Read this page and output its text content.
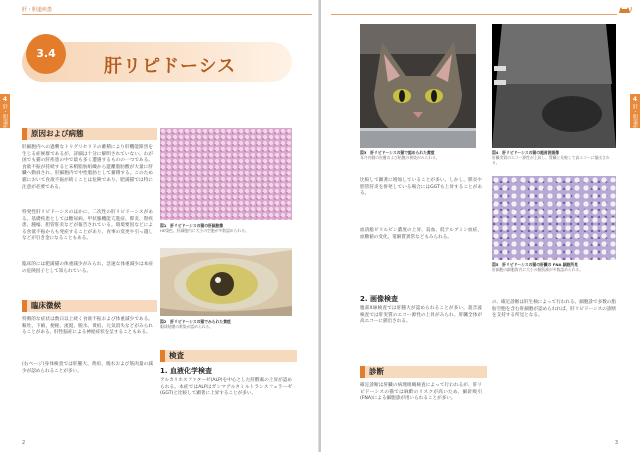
肝・胆道疾患
4
肝・胆道疾患
3.4
肝リピドーシス
原因および病態
肝細胞内への過剰なトリグリセリドの蓄積により肝機能障害を生じる症候群であるが、詳細は十分に解明されていない。わが国でも猫の肝疾患の中で最も多く遭遇するものの一つである。食欲不振が持続すると末梢脂肪組織から遊離脂肪酸が大量に肝臓へ動員され、肝細胞内で中性脂肪として蓄積する。このため猫において食欲不振が続くことは危険であり、肥満猫では特に注意が必要である。
特発性肝リピドーシスのほかに、二次性の肝リピドーシスがある。基礎疾患としては糖尿病、甲状腺機能亢進症、膵炎、腎疾患、腫瘍、胆管肝炎などが報告されている。環境要因などによる食欲不振からも発症することがあり、食事の変更や引っ越しなどが引き金になることもある。
臨床的には肥満猫の体重減少がみられ、急速な体重減少は本症の危険因子として知られている。
臨床徴候
特徴的な症状は数日以上続く食欲不振および体重減少である。嘔吐、下痢、便秘、流涎、脱水、黄疸、元気消失などがみられることがある。肝性脳症による神経症状を呈することもある。
(右ページ)身体検査では肝腫大、黄疸、脱水および筋肉量の減少が認められることが多い。
図1　肝リピドーシスの猫の肝細胞像
HE染色。肝細胞内に大小の空胞が多数認められる。
図2　肝リピドーシスの猫でみられた黄疸
眼球結膜の黄染が認められる。
検査
1. 血液化学検査
アルカリホスファターゼ(ALP)を中心とした肝酵素の上昇が認められる。本症ではALPはガンマグルタミルトランスフェラーゼ(GGT)と比較して顕著に上昇することが多い。
2
4
肝・胆道疾患
図3　肝リピドーシスの猫で認められた黄疸
耳介内側の皮膚および粘膜の黄染がみられる。
図4　肝リピドーシスの猫の超音波画像
肝臓実質のエコー源性が上昇し、腎臓と比較して高エコーに描出される。
図5　肝リピドーシスの猫の肝臓の FNA 細胞所見
肝細胞の細胞質内に大小の脂肪滴が多数認められる。
比較して顕著に増加していることが多い。しかし、膵炎や胆管肝炎を併発している場合にはGGTも上昇することがある。
血清総ビリルビン濃度の上昇、貧血、低アルブミン血症、血糖値の変化、電解質異常などもみられる。
2. 画像検査
腹部X線検査では肝腫大が認められることが多い。超音波検査では肝実質のエコー源性の上昇がみられ、肝臓全体が高エコーに描出される。
の、確定診断は肝生検によって行われる。細胞診で多数の脂肪空胞を含む肝細胞が認められれば、肝リピドーシスの診断を支持する所見となる。
診断
確定診断は肝臓の病理組織検査によって行われるが、肝リピドーシスの猫では麻酔のリスクが高いため、細針吸引(FNA)による細胞診が用いられることが多い。
3
